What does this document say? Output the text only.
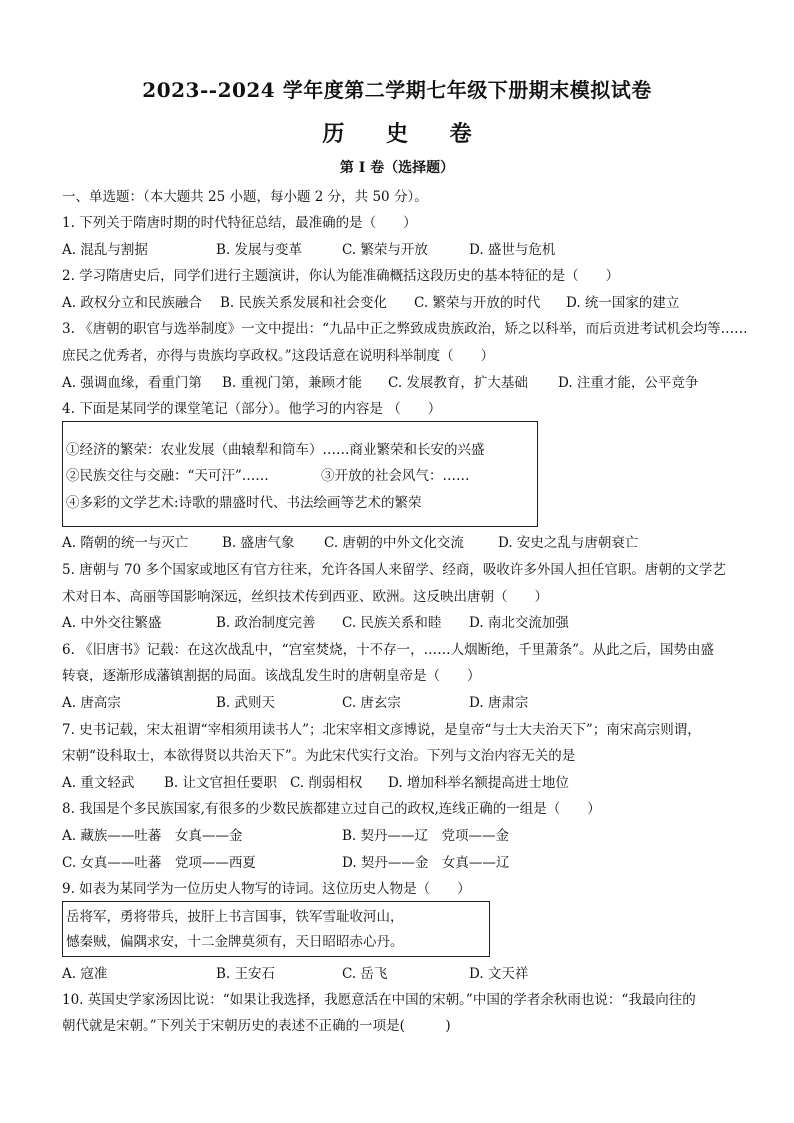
2023--2024 学年度第二学期七年级下册期末模拟试卷
历 史 卷
第 I 卷（选择题）
一、单选题：（本大题共 25 小题，每小题 2 分，共 50 分）。
1. 下列关于隋唐时期的时代特征总结，最准确的是（　　）
A. 混乱与割据	B. 发展与变革	C. 繁荣与开放	D. 盛世与危机
2. 学习隋唐史后，同学们进行主题演讲，你认为能准确概括这段历史的基本特征的是（　　）
A. 政权分立和民族融合 B. 民族关系发展和社会变化 C. 繁荣与开放的时代 D. 统一国家的建立
3. 《唐朝的职官与选举制度》一文中提出：“九品中正之弊致成贵族政治，矫之以科举，而后贡进考试机会均等……
庶民之优秀者，亦得与贵族均享政权。”这段话意在说明科举制度（　　）
A. 强调血缘，看重门第 B. 重视门第，兼顾才能 C. 发展教育，扩大基础 D. 注重才能，公平竞争
4. 下面是某同学的课堂笔记（部分）。他学习的内容是 （　　）
①经济的繁荣：农业发展（曲辕犁和筒车）……商业繁荣和长安的兴盛
②民族交往与交融：“天可汗”……	③开放的社会风气：……
④多彩的文学艺术:诗歌的鼎盛时代、书法绘画等艺术的繁荣
A. 隋朝的统一与灭亡 B. 盛唐气象 C. 唐朝的中外文化交流	D. 安史之乱与唐朝衰亡
5. 唐朝与 70 多个国家或地区有官方往来，允许各国人来留学、经商，吸收许多外国人担任官职。唐朝的文学艺
术对日本、高丽等国影响深远，丝织技术传到西亚、欧洲。这反映出唐朝（　　）
A. 中外交往繁盛	B. 政治制度完善 C. 民族关系和睦 D. 南北交流加强
6. 《旧唐书》记载：在这次战乱中，“宫室焚烧，十不存一，……人烟断绝，千里萧条”。从此之后，国势由盛
转衰，逐渐形成藩镇割据的局面。该战乱发生时的唐朝皇帝是（　　）
A. 唐高宗	B. 武则天	C. 唐玄宗	D. 唐肃宗
7. 史书记载，宋太祖谓“宰相须用读书人”；北宋宰相文彦博说，是皇帝“与士大夫治天下”；南宋高宗则谓，
宋朝“设科取士，本欲得贤以共治天下”。为此宋代实行文治。下列与文治内容无关的是
A. 重文轻武 B. 让文官担任要职 C. 削弱相权 D. 增加科举名额提高进士地位
8. 我国是个多民族国家,有很多的少数民族都建立过自己的政权,连线正确的一组是（　　）
A. 藏族——吐蕃　女真——金	B. 契丹——辽　党项——金
C. 女真——吐蕃　党项——西夏	D. 契丹——金　女真——辽
9. 如表为某同学为一位历史人物写的诗词。这位历史人物是（　　）
岳将军，勇将带兵，披肝上书言国事，铁军雪耻收河山，
憾秦贼，偏隅求安，十二金牌莫须有，天日昭昭赤心丹。
A. 寇准	B. 王安石	C. 岳飞	D. 文天祥
10. 英国史学家汤因比说：“如果让我选择，我愿意活在中国的宋朝。”中国的学者余秋雨也说：“我最向往的
朝代就是宋朝。”下列关于宋朝历史的表述不正确的一项是(　　　)
